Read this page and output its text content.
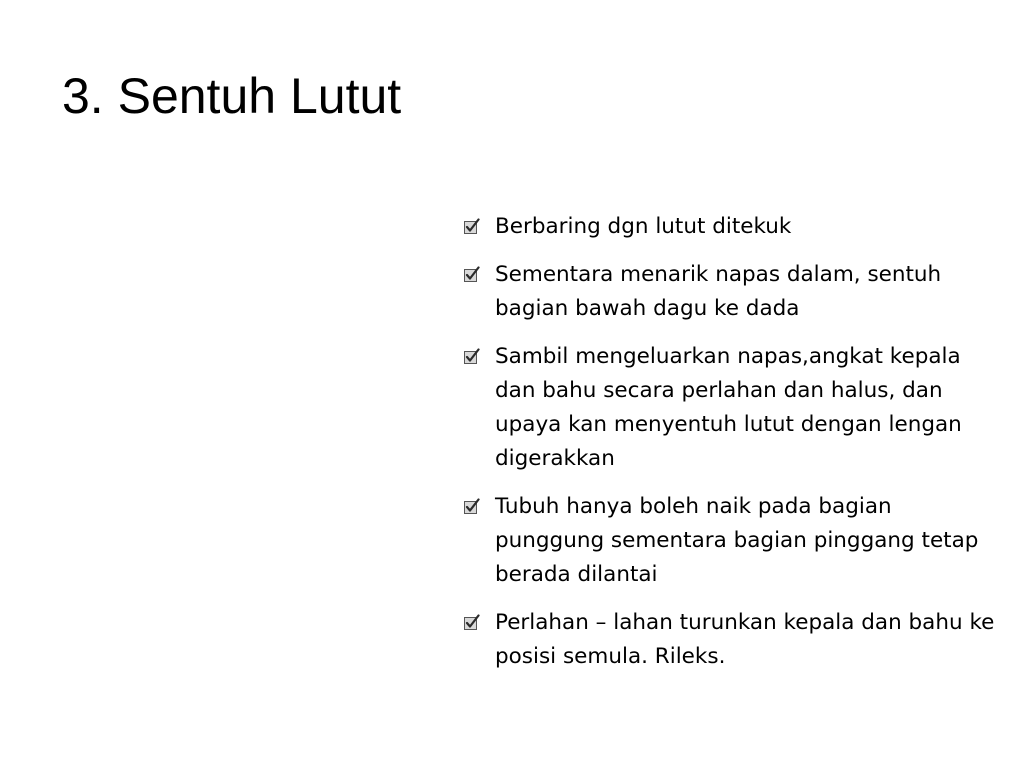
3. Sentuh Lutut
Berbaring dgn lutut ditekuk
Sementara menarik napas dalam, sentuh bagian bawah dagu ke dada
Sambil mengeluarkan napas,angkat kepala dan bahu secara perlahan dan halus, dan upaya kan menyentuh lutut dengan lengan digerakkan
Tubuh hanya boleh naik pada bagian punggung sementara bagian pinggang tetap berada dilantai
Perlahan – lahan turunkan kepala dan bahu ke posisi semula. Rileks.
